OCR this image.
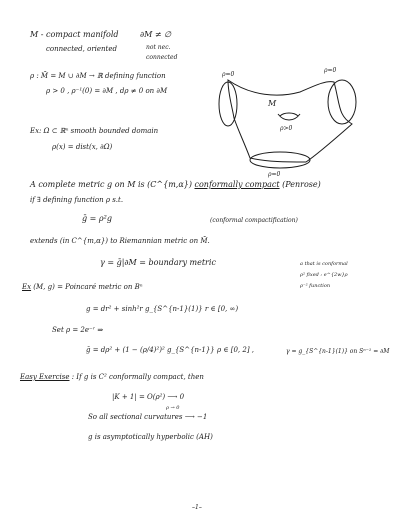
M - compact manifold	∂M ≠ ∅
connected, oriented	not nec.
connected
ρ : M̄ = M ∪ ∂M → ℝ defining function
ρ > 0 , ρ⁻¹(0) = ∂M , dρ ≠ 0 on ∂M
Ex: Ω ⊂ ℝⁿ smooth bounded domain
ρ(x) = dist(x, ∂Ω)
A complete metric g on M is (C^{m,α}) conformally compact (Penrose)
if ∃ defining function ρ s.t.
ḡ = ρ²g	(conformal compactification)
extends (in C^{m,α}) to Riemannian metric on M̄.
γ = ḡ|∂M = boundary metric	a that is conformal
ρ² fixed : e^{2w}ρ
ρ⁻² function
Ex (M, g) = Poincaré metric on Bⁿ
g = dr² + sinh²r g_{S^{n-1}(1)} r ∈ [0, ∞)
Set ρ = 2e⁻ʳ ⇒
ḡ = dρ² + (1 − (ρ/4)²)² g_{S^{n-1}} ρ ∈ [0, 2] ,	γ = g_{S^{n-1}(1)} on Sⁿ⁻¹ = ∂M
Easy Exercise : If g is C² conformally compact, then
|K + 1| = O(ρ²) ⟶ 0
ρ → 0
So all sectional curvatures ⟶ −1
g is asymptotically hyperbolic (AH)
–1–
ρ=0
ρ=0
ρ=0
M
ρ>0
